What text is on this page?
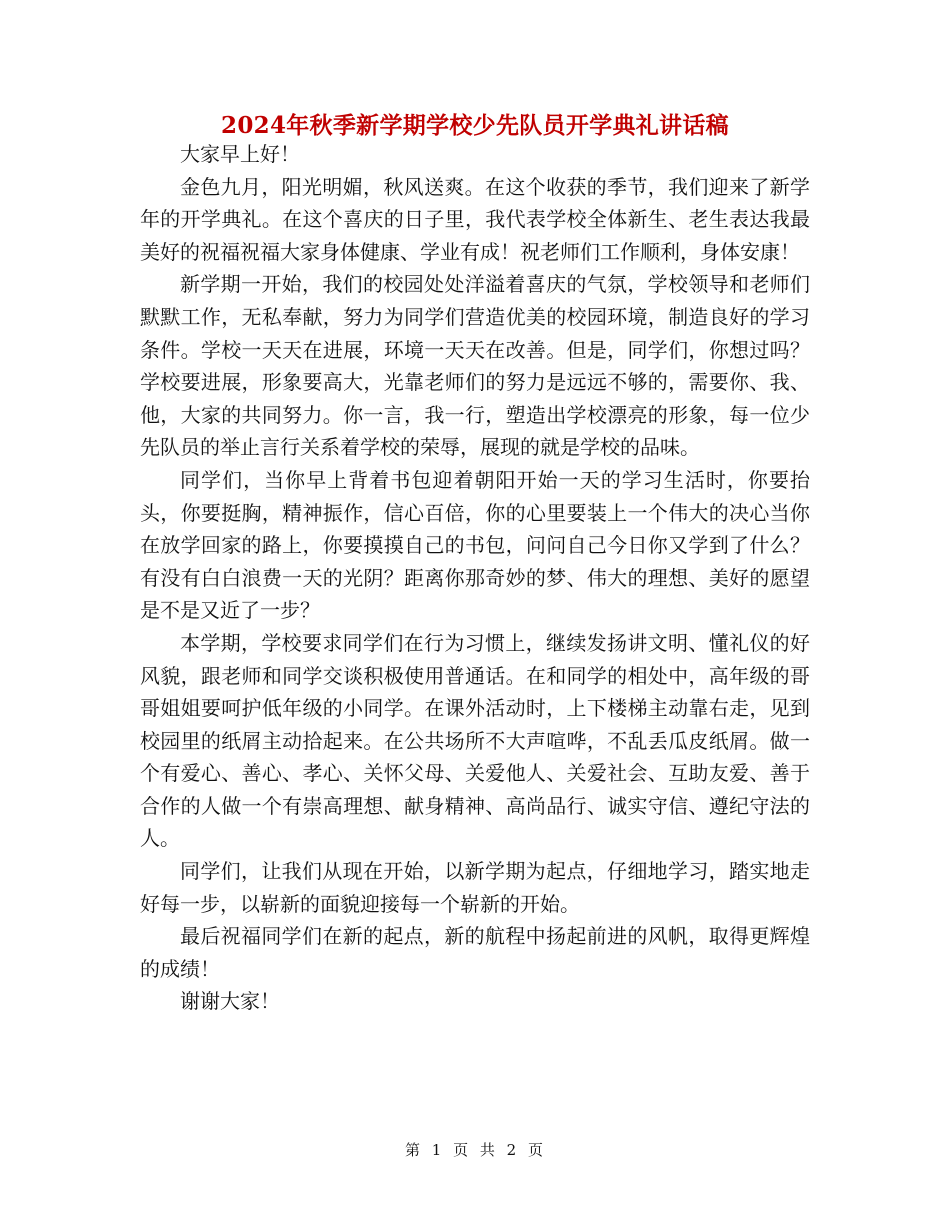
2024年秋季新学期学校少先队员开学典礼讲话稿

大家早上好！

金色九月，阳光明媚，秋风送爽。在这个收获的季节，我们迎来了新学年的开学典礼。在这个喜庆的日子里，我代表学校全体新生、老生表达我最美好的祝福祝福大家身体健康、学业有成！祝老师们工作顺利，身体安康！

新学期一开始，我们的校园处处洋溢着喜庆的气氛，学校领导和老师们默默工作，无私奉献，努力为同学们营造优美的校园环境，制造良好的学习条件。学校一天天在进展，环境一天天在改善。但是，同学们，你想过吗？学校要进展，形象要高大，光靠老师们的努力是远远不够的，需要你、我、他，大家的共同努力。你一言，我一行，塑造出学校漂亮的形象，每一位少先队员的举止言行关系着学校的荣辱，展现的就是学校的品味。

同学们，当你早上背着书包迎着朝阳开始一天的学习生活时，你要抬头，你要挺胸，精神振作，信心百倍，你的心里要装上一个伟大的决心当你在放学回家的路上，你要摸摸自己的书包，问问自己今日你又学到了什么？有没有白白浪费一天的光阴？距离你那奇妙的梦、伟大的理想、美好的愿望是不是又近了一步？

本学期，学校要求同学们在行为习惯上，继续发扬讲文明、懂礼仪的好风貌，跟老师和同学交谈积极使用普通话。在和同学的相处中，高年级的哥哥姐姐要呵护低年级的小同学。在课外活动时，上下楼梯主动靠右走，见到校园里的纸屑主动拾起来。在公共场所不大声喧哗，不乱丢瓜皮纸屑。做一个有爱心、善心、孝心、关怀父母、关爱他人、关爱社会、互助友爱、善于合作的人做一个有崇高理想、献身精神、高尚品行、诚实守信、遵纪守法的人。

同学们，让我们从现在开始，以新学期为起点，仔细地学习，踏实地走好每一步，以崭新的面貌迎接每一个崭新的开始。

最后祝福同学们在新的起点，新的航程中扬起前进的风帆，取得更辉煌的成绩！

谢谢大家！

第 1 页 共 2 页
